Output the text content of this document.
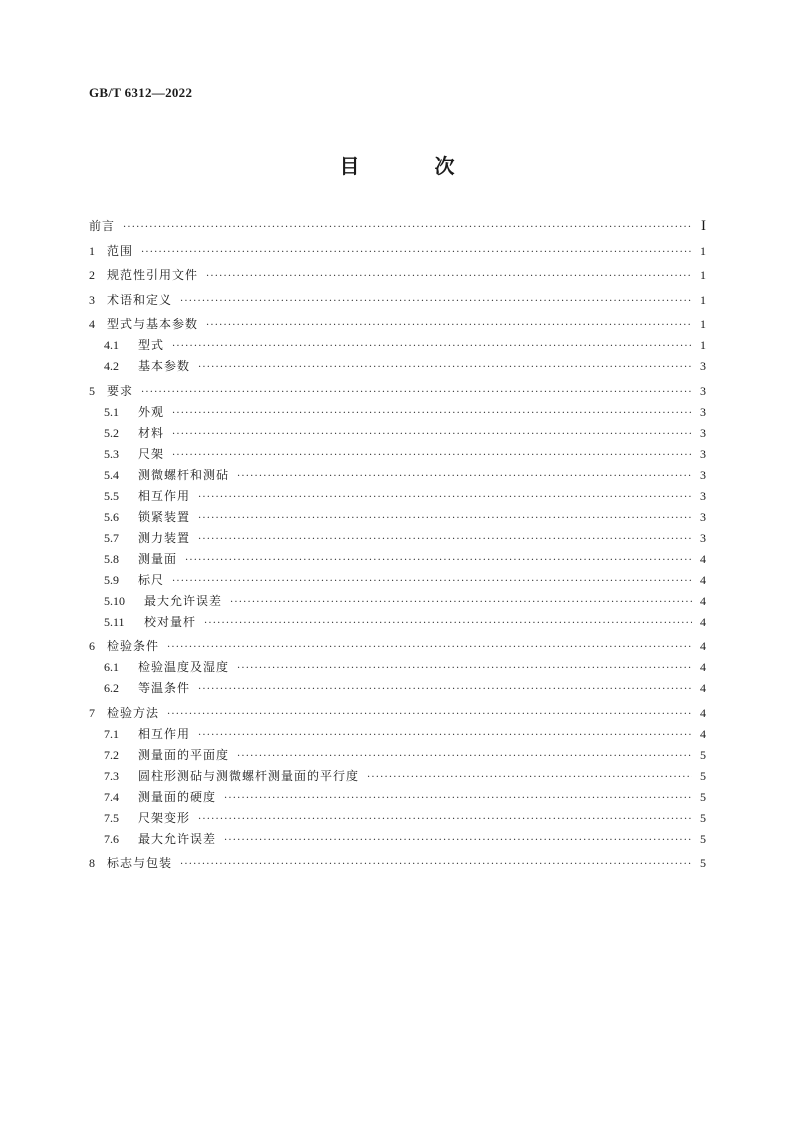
GB/T 6312—2022
目 次
前言 ·····	I
1	范围 ·····	1
2	规范性引用文件 ·····	1
3	术语和定义 ·····	1
4	型式与基本参数 ·····	1
4.1	型式 ·····	1
4.2	基本参数 ·····	3
5	要求 ·····	3
5.1	外观 ·····	3
5.2	材料 ·····	3
5.3	尺架 ·····	3
5.4	测微螺杆和测砧 ·····	3
5.5	相互作用 ·····	3
5.6	锁紧装置 ·····	3
5.7	测力装置 ·····	3
5.8	测量面 ·····	4
5.9	标尺 ·····	4
5.10	最大允许误差 ·····	4
5.11	校对量杆 ·····	4
6	检验条件 ·····	4
6.1	检验温度及湿度 ·····	4
6.2	等温条件 ·····	4
7	检验方法 ·····	4
7.1	相互作用 ·····	4
7.2	测量面的平面度 ·····	5
7.3	圆柱形测砧与测微螺杆测量面的平行度 ·····	5
7.4	测量面的硬度 ·····	5
7.5	尺架变形 ·····	5
7.6	最大允许误差 ·····	5
8	标志与包装 ·····	5
